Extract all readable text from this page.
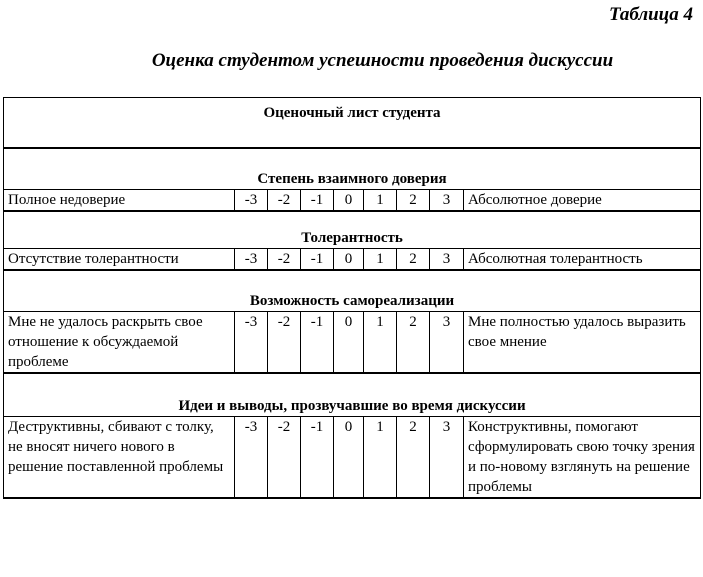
Таблица 4
Оценка студентом успешности проведения дискуссии
Оценочный лист студента								
Степень взаимного доверия								
Полное недоверие	-3	-2	-1	0	1	2	3	Абсолютное доверие
Толерантность								
Отсутствие толерантности	-3	-2	-1	0	1	2	3	Абсолютная толерантность
Возможность самореализации								
Мне не удалось раскрыть свое отношение к обсуждаемой проблеме	-3	-2	-1	0	1	2	3	Мне полностью удалось выразить свое мнение
Идеи и выводы, прозвучавшие во время дискуссии								
Деструктивны, сбивают с толку, не вносят ничего нового в решение поставленной проблемы	-3	-2	-1	0	1	2	3	Конструктивны, помогают сформулировать свою точку зрения и по-новому взглянуть на решение проблемы
